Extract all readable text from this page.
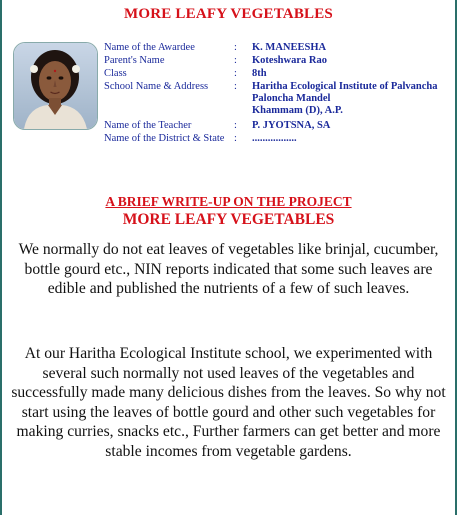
MORE LEAFY VEGETABLES
Name of the Awardee	: K. MANEESHA
Parent's Name	: Koteshwara Rao
Class	: 8th
School Name & Address : Haritha Ecological Institute of Palvancha
Paloncha Mandel
Khammam (D), A.P.
Name of the Teacher	: P. JYOTSNA, SA
Name of the District & State : .................
A BRIEF WRITE-UP ON THE PROJECT
MORE LEAFY VEGETABLES
We normally do not eat leaves of vegetables like brinjal, cucumber, bottle gourd etc., NIN reports indicated that some such leaves are edible and published the nutrients of a few of such leaves.
At our Haritha Ecological Institute school, we experimented with several such normally not used leaves of the vegetables and successfully made many delicious dishes from the leaves. So why not start using the leaves of bottle gourd and other such vegetables for making curries, snacks etc., Further farmers can get better and more stable incomes from vegetable gardens.
